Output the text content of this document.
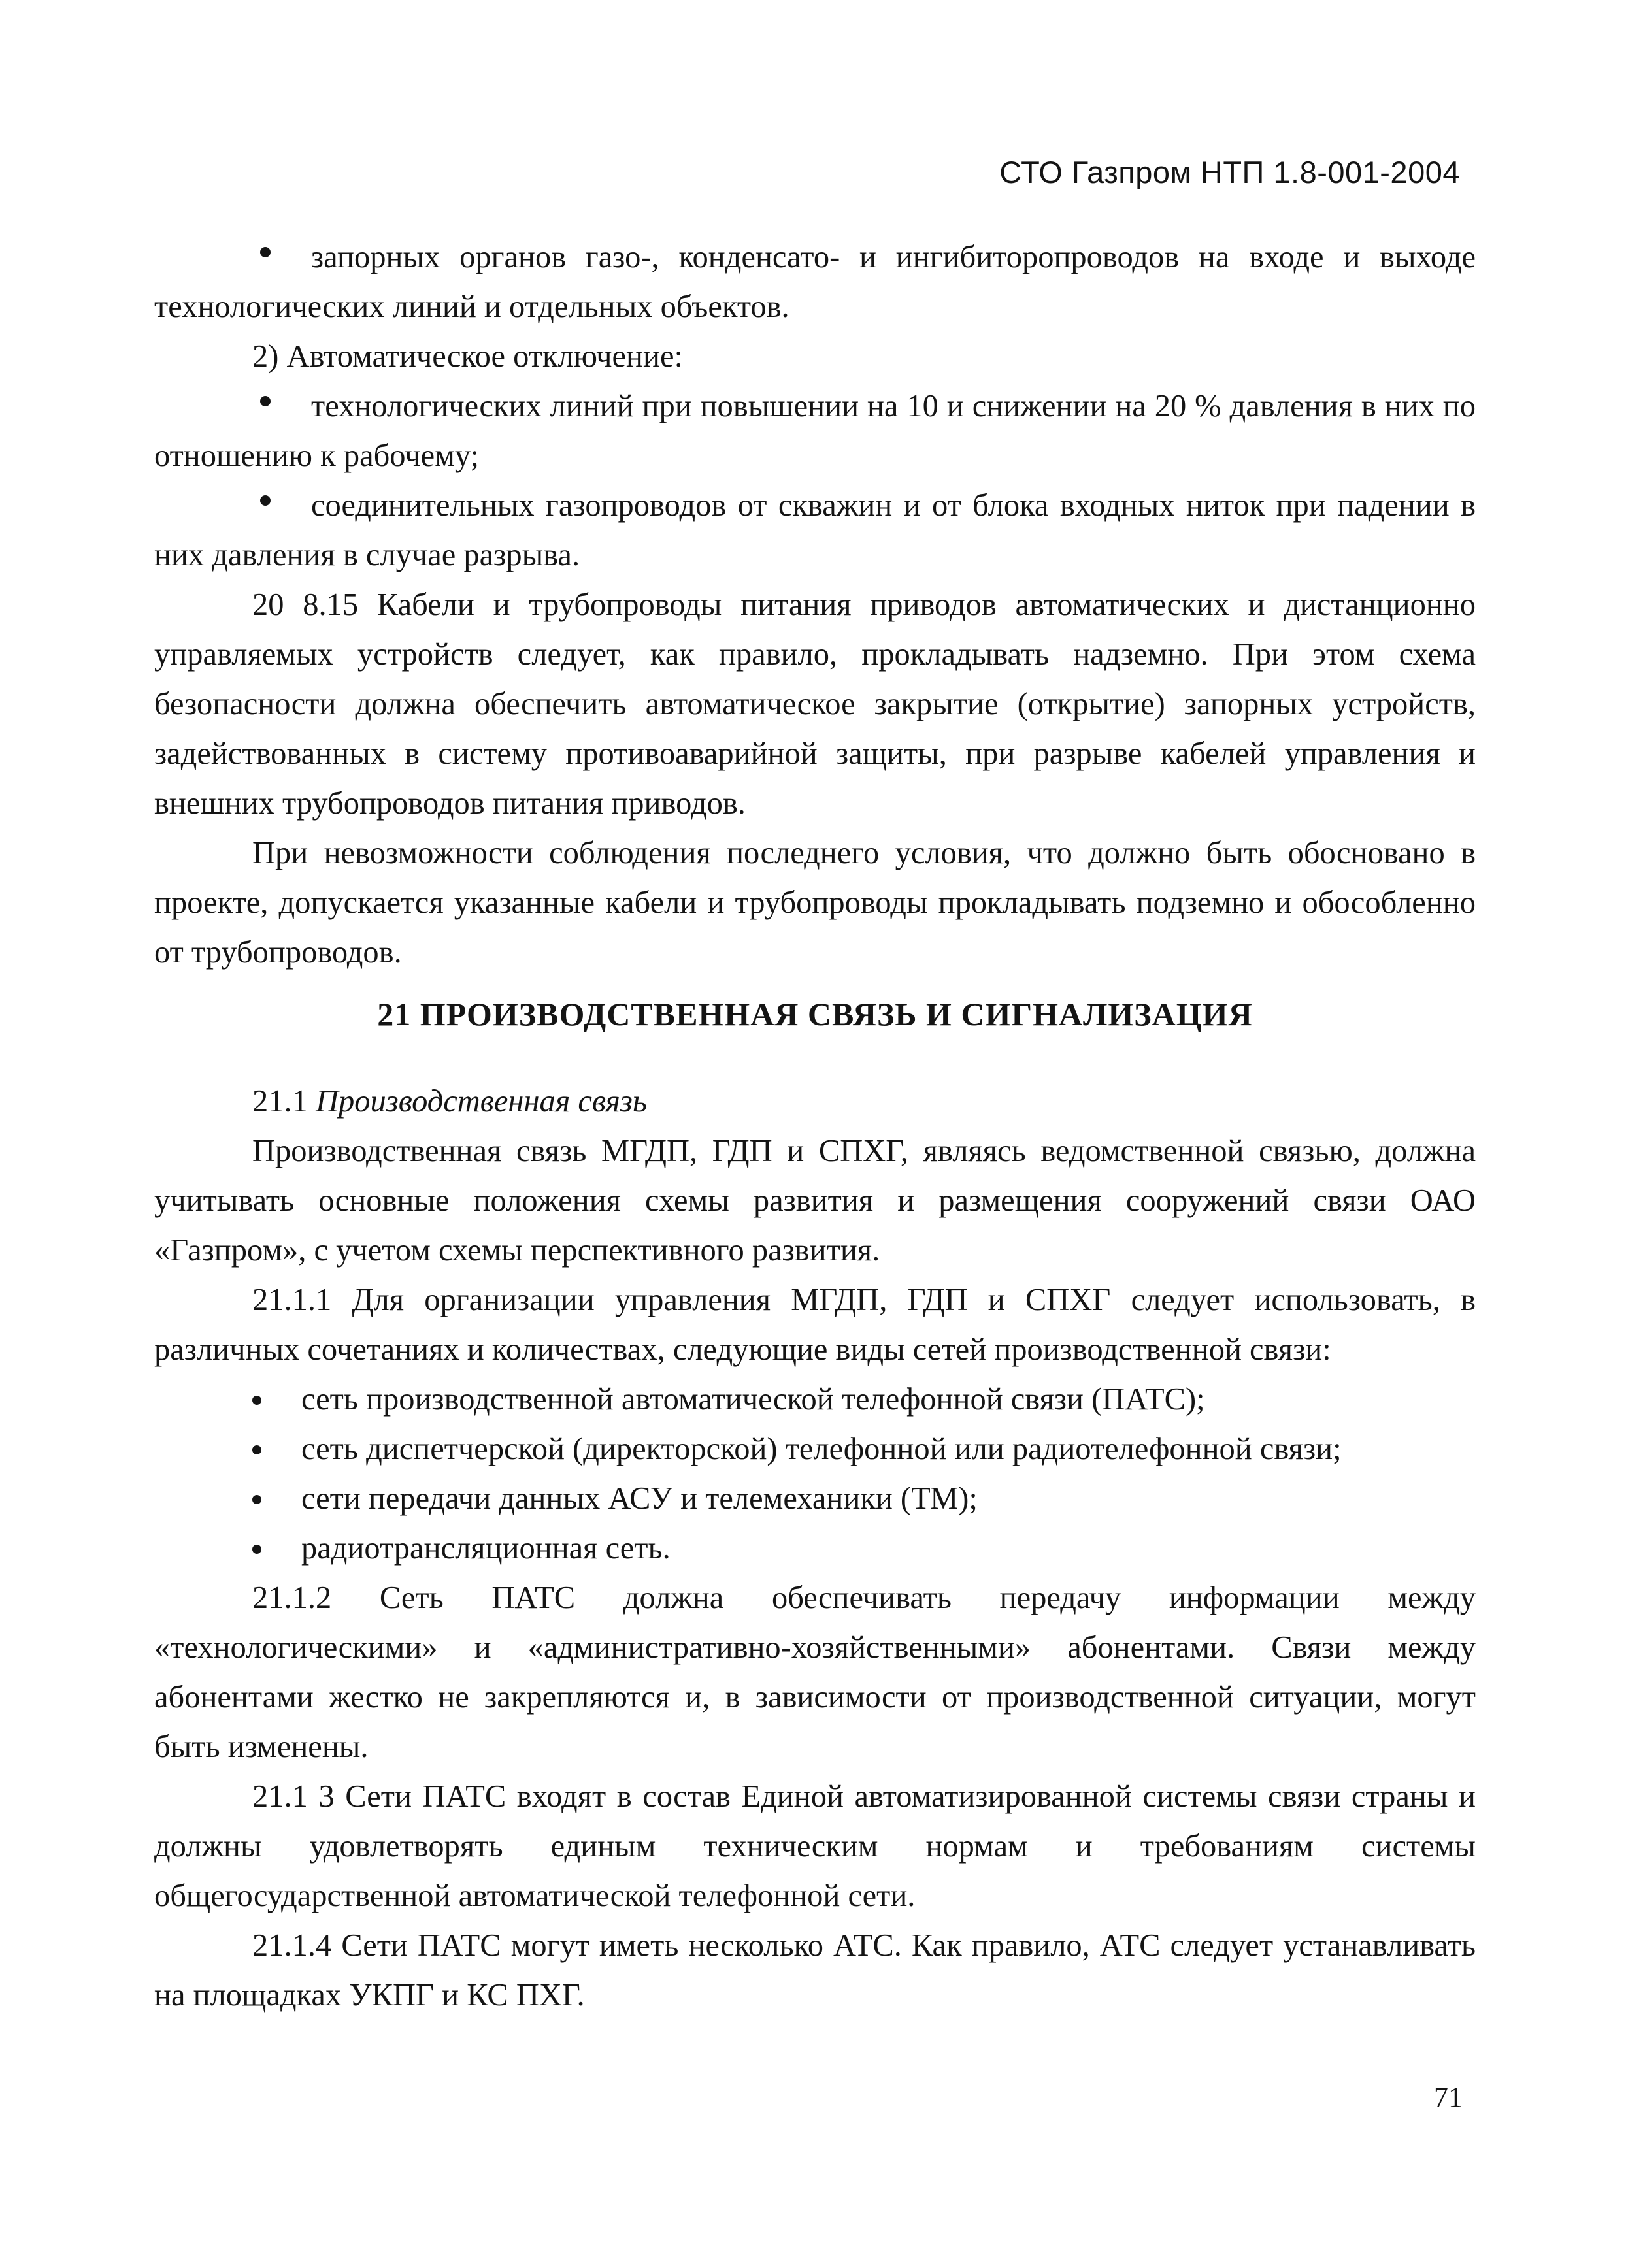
СТО Газпром НТП 1.8-001-2004

запорных органов газо-, конденсато- и ингибиторопроводов на входе и выходе технологических линий и отдельных объектов.

2) Автоматическое отключение:

технологических линий при повышении на 10 и снижении на 20 % давления в них по отношению к рабочему;

соединительных газопроводов от скважин и от блока входных ниток при падении в них давления в случае разрыва.

20 8.15 Кабели и трубопроводы питания приводов автоматических и дистанционно управляемых устройств следует, как правило, прокладывать надземно. При этом схема безопасности должна обеспечить автоматическое закрытие (открытие) запорных устройств, задействованных в систему противоаварийной защиты, при разрыве кабелей управления и внешних трубопроводов питания приводов.

При невозможности соблюдения последнего условия, что должно быть обосновано в проекте, допускается указанные кабели и трубопроводы прокладывать подземно и обособленно от трубопроводов.

21 ПРОИЗВОДСТВЕННАЯ СВЯЗЬ И СИГНАЛИЗАЦИЯ

21.1 Производственная связь

Производственная связь МГДП, ГДП и СПХГ, являясь ведомственной связью, должна учитывать основные положения схемы развития и размещения сооружений связи ОАО «Газпром», с учетом схемы перспективного развития.

21.1.1 Для организации управления МГДП, ГДП и СПХГ следует использовать, в различных сочетаниях и количествах, следующие виды сетей производственной связи:

сеть производственной автоматической телефонной связи (ПАТС);

сеть диспетчерской (директорской) телефонной или радиотелефонной связи;

сети передачи данных АСУ и телемеханики (ТМ);

радиотрансляционная сеть.

21.1.2 Сеть ПАТС должна обеспечивать передачу информации между «технологическими» и «административно-хозяйственными» абонентами. Связи между абонентами жестко не закрепляются и, в зависимости от производственной ситуации, могут быть изменены.

21.1 3 Сети ПАТС входят в состав Единой автоматизированной системы связи страны и должны удовлетворять единым техническим нормам и требованиям системы общегосударственной автоматической телефонной сети.

21.1.4 Сети ПАТС могут иметь несколько АТС. Как правило, АТС следует устанавливать на площадках УКПГ и КС ПХГ.

71
